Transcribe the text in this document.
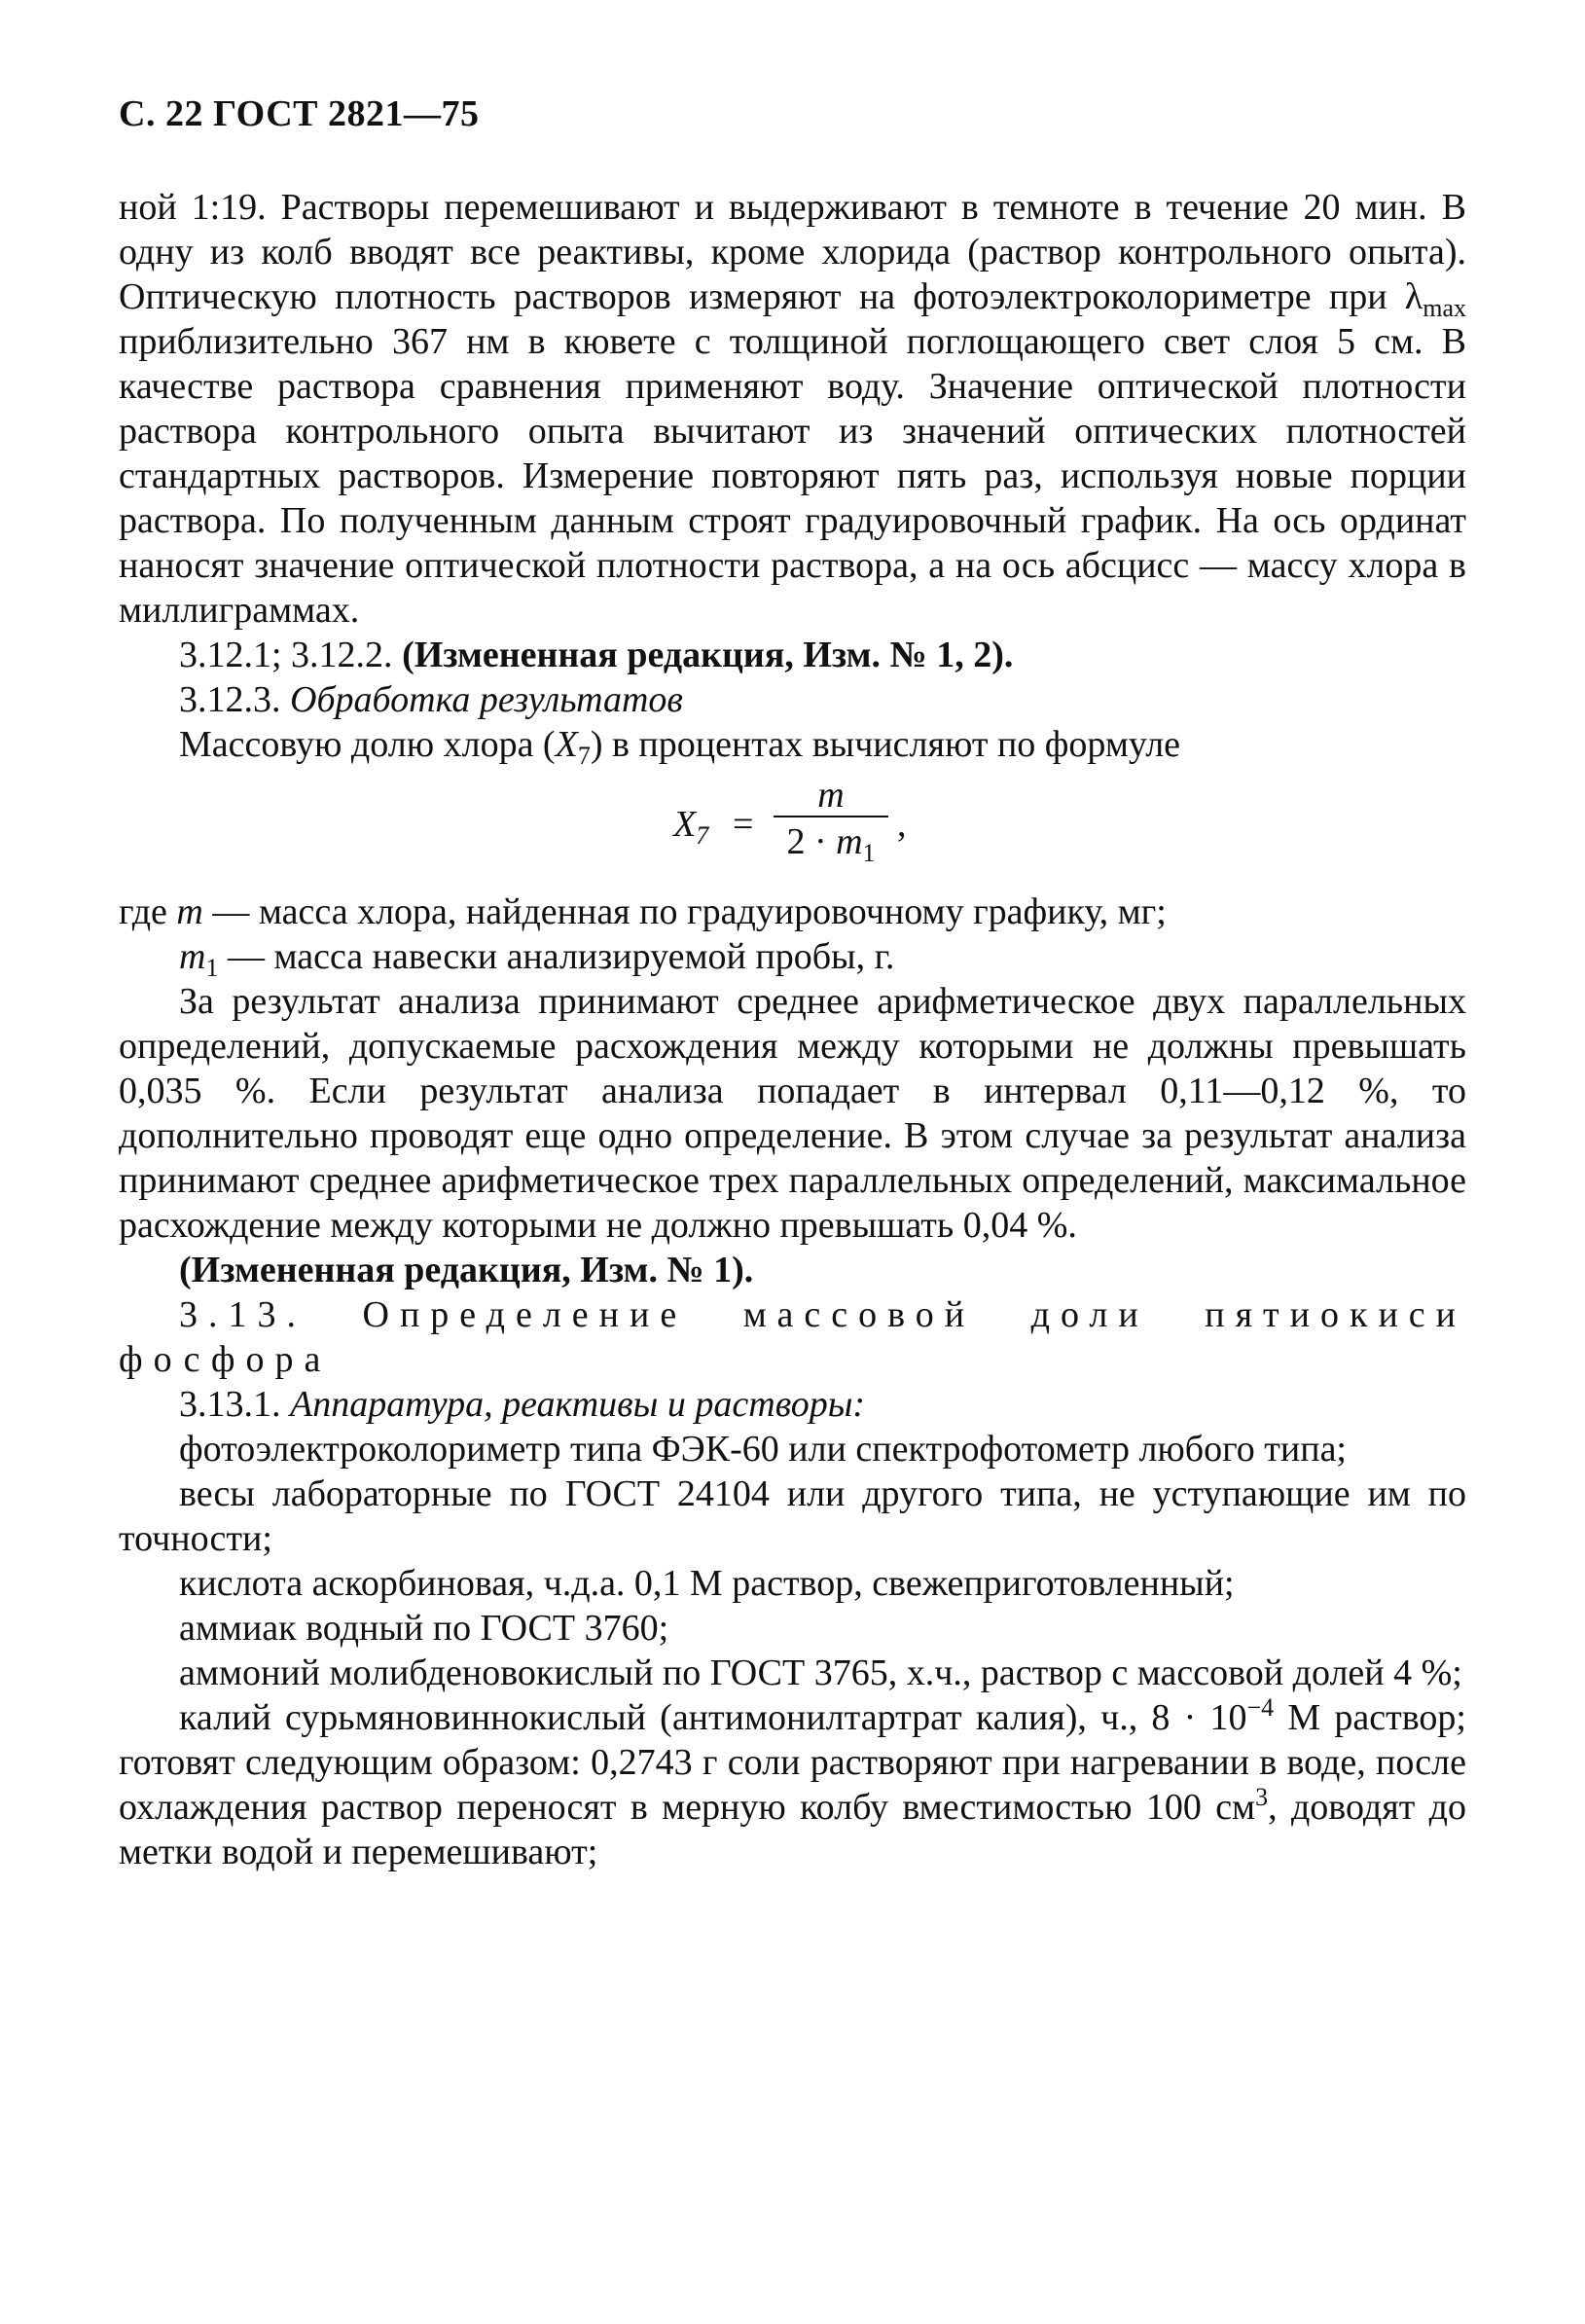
С. 22 ГОСТ 2821—75

ной 1:19. Растворы перемешивают и выдерживают в темноте в течение 20 мин. В одну из колб вводят все реактивы, кроме хлорида (раствор контрольного опыта). Оптическую плотность растворов измеряют на фотоэлектроколориметре при $\lambda_{max}$ приблизительно 367 нм в кювете с толщиной поглощающего свет слоя 5 см. В качестве раствора сравнения применяют воду. Значение оптической плотности раствора контрольного опыта вычитают из значений оптических плотностей стандартных растворов. Измерение повторяют пять раз, используя новые порции раствора. По полученным данным строят градуировочный график. На ось ординат наносят значение оптической плотности раствора, а на ось абсцисс — массу хлора в миллиграммах.

3.12.1; 3.12.2. (Измененная редакция, Изм. № 1, 2).

3.12.3. Обработка результатов

Массовую долю хлора $(X_7)$ в процентах вычисляют по формуле

$X_7$ =
m
$2 \cdot m_1$
,

где m — масса хлора, найденная по градуировочному графику, мг;

$m_1$ — масса навески анализируемой пробы, г.

За результат анализа принимают среднее арифметическое двух параллельных определений, допускаемые расхождения между которыми не должны превышать 0,035 %. Если результат анализа попадает в интервал 0,11—0,12 %, то дополнительно проводят еще одно определение. В этом случае за результат анализа принимают среднее арифметическое трех параллельных определений, максимальное расхождение между которыми не должно превышать 0,04 %.

(Измененная редакция, Изм. № 1).

3.13. Определение массовой доли пятиокиси фосфора

3.13.1. Аппаратура, реактивы и растворы:

фотоэлектроколориметр типа ФЭК-60 или спектрофотометр любого типа;

весы лабораторные по ГОСТ 24104 или другого типа, не уступающие им по точности;

кислота аскорбиновая, ч.д.а. 0,1 М раствор, свежеприготовленный;

аммиак водный по ГОСТ 3760;

аммоний молибденовокислый по ГОСТ 3765, х.ч., раствор с массовой долей 4 %;

калий сурьмяновиннокислый (антимонилтартрат калия), ч., $8 \cdot 10^{-4}$ М раствор; готовят следующим образом: 0,2743 г соли растворяют при нагревании в воде, после охлаждения раствор переносят в мерную колбу вместимостью 100 $см^3$, доводят до метки водой и перемешивают;
